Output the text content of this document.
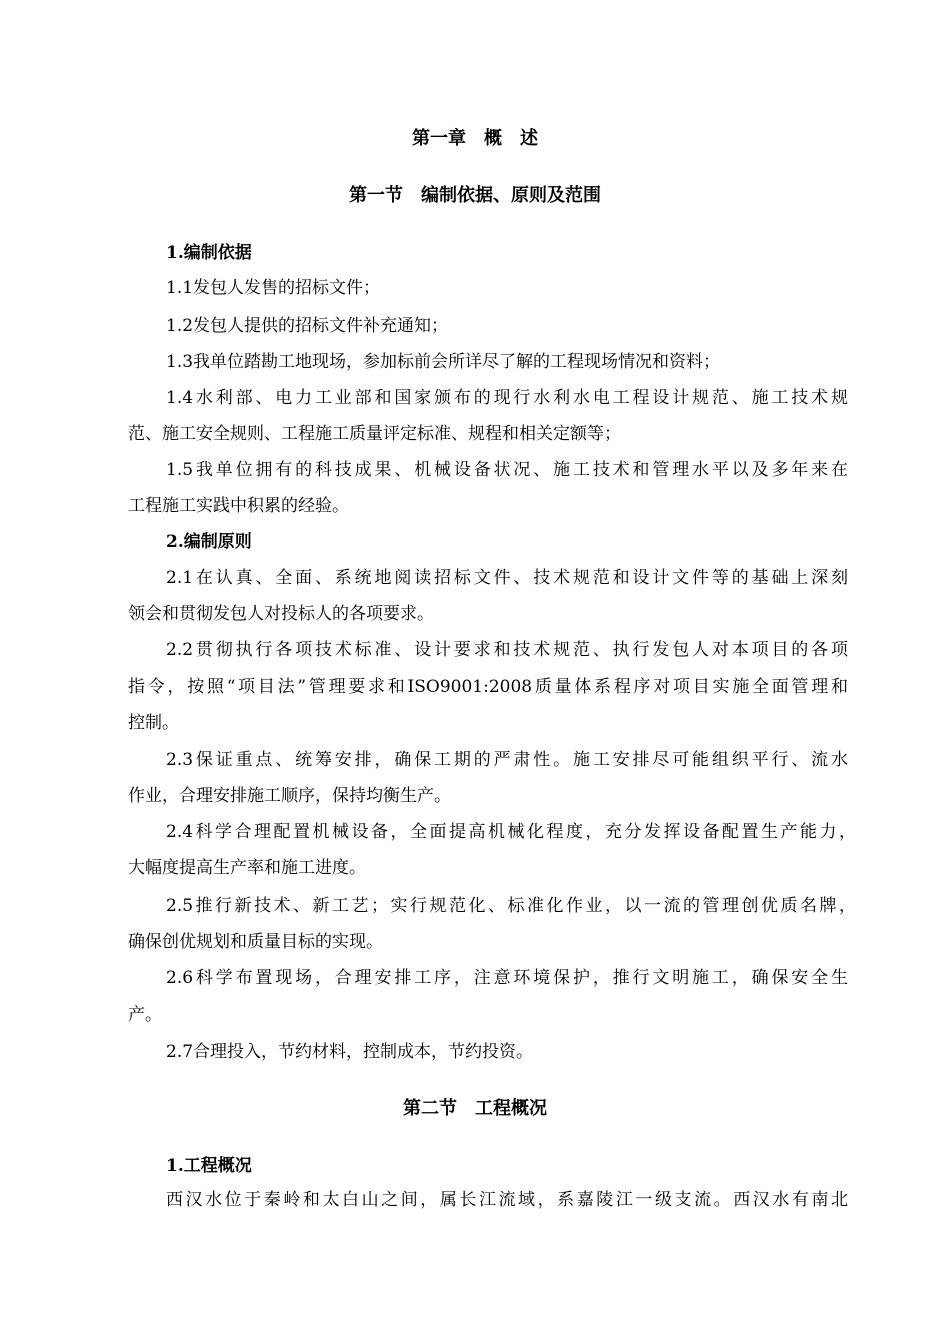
第一章　概　述
第一节　编制依据、原则及范围
1.编制依据
1.1发包人发售的招标文件；
1.2发包人提供的招标文件补充通知；
1.3我单位踏勘工地现场，参加标前会所详尽了解的工程现场情况和资料；
1.4水利部、电力工业部和国家颁布的现行水利水电工程设计规范、施工技术规
范、施工安全规则、工程施工质量评定标准、规程和相关定额等；
1.5我单位拥有的科技成果、机械设备状况、施工技术和管理水平以及多年来在
工程施工实践中积累的经验。
2.编制原则
2.1在认真、全面、系统地阅读招标文件、技术规范和设计文件等的基础上深刻
领会和贯彻发包人对投标人的各项要求。
2.2贯彻执行各项技术标准、设计要求和技术规范、执行发包人对本项目的各项
指令，按照“项目法”管理要求和ISO9001:2008质量体系程序对项目实施全面管理和
控制。
2.3保证重点、统筹安排，确保工期的严肃性。施工安排尽可能组织平行、流水
作业，合理安排施工顺序，保持均衡生产。
2.4科学合理配置机械设备，全面提高机械化程度，充分发挥设备配置生产能力，
大幅度提高生产率和施工进度。
2.5推行新技术、新工艺；实行规范化、标准化作业，以一流的管理创优质名牌，
确保创优规划和质量目标的实现。
2.6科学布置现场，合理安排工序，注意环境保护，推行文明施工，确保安全生
产。
2.7合理投入，节约材料，控制成本，节约投资。
第二节　工程概况
1.工程概况
西汉水位于秦岭和太白山之间，属长江流域，系嘉陵江一级支流。西汉水有南北
